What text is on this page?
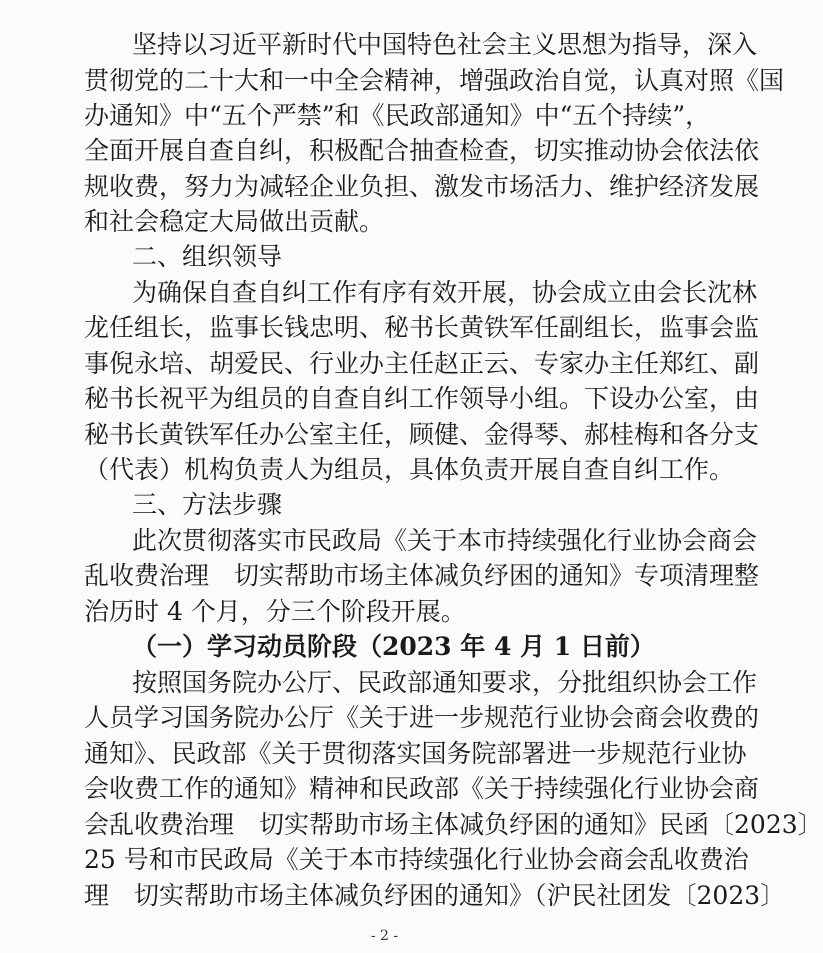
坚持以习近平新时代中国特色社会主义思想为指导，深入
贯彻党的二十大和一中全会精神，增强政治自觉，认真对照《国
办通知》中“五个严禁”和《民政部通知》中“五个持续”，
全面开展自查自纠，积极配合抽查检查，切实推动协会依法依
规收费，努力为减轻企业负担、激发市场活力、维护经济发展
和社会稳定大局做出贡献。
二、组织领导
为确保自查自纠工作有序有效开展，协会成立由会长沈林
龙任组长，监事长钱忠明、秘书长黄铁军任副组长，监事会监
事倪永培、胡爱民、行业办主任赵正云、专家办主任郑红、副
秘书长祝平为组员的自查自纠工作领导小组。下设办公室，由
秘书长黄铁军任办公室主任，顾健、金得琴、郝桂梅和各分支
（代表）机构负责人为组员，具体负责开展自查自纠工作。
三、方法步骤
此次贯彻落实市民政局《关于本市持续强化行业协会商会
乱收费治理　切实帮助市场主体减负纾困的通知》专项清理整
治历时 4 个月，分三个阶段开展。
（一）学习动员阶段（2023 年 4 月 1 日前）
按照国务院办公厅、民政部通知要求，分批组织协会工作
人员学习国务院办公厅《关于进一步规范行业协会商会收费的
通知》、民政部《关于贯彻落实国务院部署进一步规范行业协
会收费工作的通知》精神和民政部《关于持续强化行业协会商
会乱收费治理　切实帮助市场主体减负纾困的通知》民函〔2023〕
25 号和市民政局《关于本市持续强化行业协会商会乱收费治
理　切实帮助市场主体减负纾困的通知》（沪民社团发〔2023〕
- 2 -
